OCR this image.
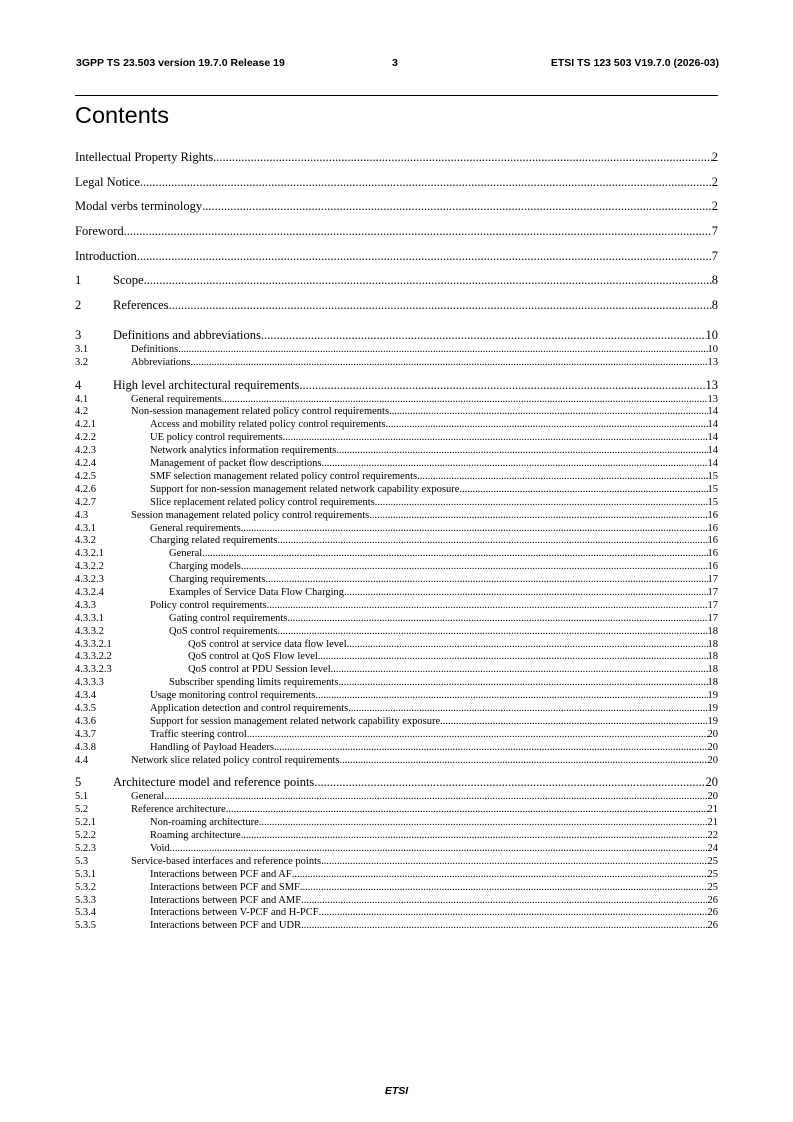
3GPP TS 23.503 version 19.7.0 Release 19	3	ETSI TS 123 503 V19.7.0 (2026-03)
Contents
Intellectual Property Rights .....	2
Legal Notice .....	2
Modal verbs terminology .....	2
Foreword .....	7
Introduction .....	7
1	Scope .....	8
2	References .....	8
3	Definitions and abbreviations .....	10
3.1	Definitions .....	10
3.2	Abbreviations .....	13
4	High level architectural requirements .....	13
4.1	General requirements .....	13
4.2	Non-session management related policy control requirements .....	14
4.2.1	Access and mobility related policy control requirements .....	14
4.2.2	UE policy control requirements .....	14
4.2.3	Network analytics information requirements .....	14
4.2.4	Management of packet flow descriptions .....	14
4.2.5	SMF selection management related policy control requirements .....	15
4.2.6	Support for non-session management related network capability exposure .....	15
4.2.7	Slice replacement related policy control requirements .....	15
4.3	Session management related policy control requirements .....	16
4.3.1	General requirements .....	16
4.3.2	Charging related requirements .....	16
4.3.2.1	General .....	16
4.3.2.2	Charging models .....	16
4.3.2.3	Charging requirements .....	17
4.3.2.4	Examples of Service Data Flow Charging .....	17
4.3.3	Policy control requirements .....	17
4.3.3.1	Gating control requirements .....	17
4.3.3.2	QoS control requirements .....	18
4.3.3.2.1	QoS control at service data flow level .....	18
4.3.3.2.2	QoS control at QoS Flow level .....	18
4.3.3.2.3	QoS control at PDU Session level .....	18
4.3.3.3	Subscriber spending limits requirements .....	18
4.3.4	Usage monitoring control requirements .....	19
4.3.5	Application detection and control requirements .....	19
4.3.6	Support for session management related network capability exposure .....	19
4.3.7	Traffic steering control .....	20
4.3.8	Handling of Payload Headers .....	20
4.4	Network slice related policy control requirements .....	20
5	Architecture model and reference points .....	20
5.1	General .....	20
5.2	Reference architecture .....	21
5.2.1	Non-roaming architecture .....	21
5.2.2	Roaming architecture .....	22
5.2.3	Void .....	24
5.3	Service-based interfaces and reference points .....	25
5.3.1	Interactions between PCF and AF .....	25
5.3.2	Interactions between PCF and SMF .....	25
5.3.3	Interactions between PCF and AMF .....	26
5.3.4	Interactions between V-PCF and H-PCF .....	26
5.3.5	Interactions between PCF and UDR .....	26
ETSI
